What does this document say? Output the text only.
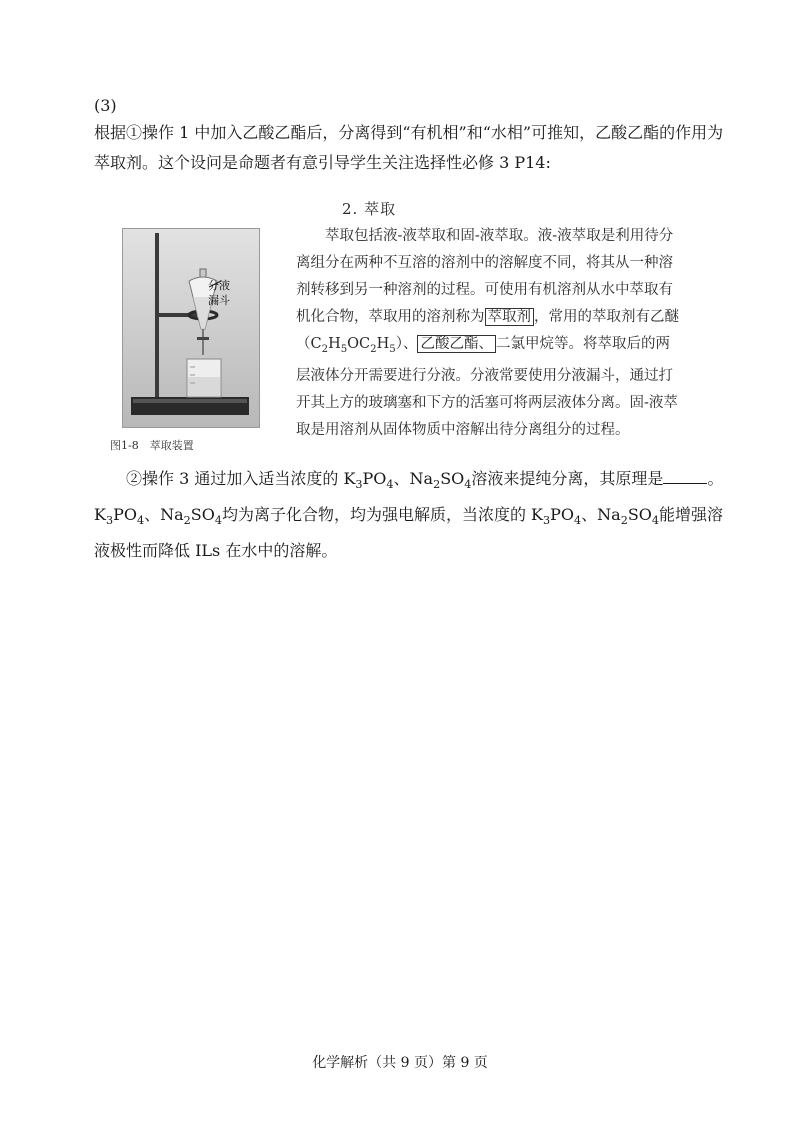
(3)
根据①操作 1 中加入乙酸乙酯后，分离得到“有机相”和“水相”可推知，乙酸乙酯的作用为萃取剂。这个设问是命题者有意引导学生关注选择性必修 3 P14:
分液
漏斗
图1-8　萃取装置
2. 萃取

萃取包括液-液萃取和固-液萃取。液-液萃取是利用待分离组分在两种不互溶的溶剂中的溶解度不同，将其从一种溶剂转移到另一种溶剂的过程。可使用有机溶剂从水中萃取有机化合物，萃取用的溶剂称为 萃取剂 ，常用的萃取剂有乙醚$(C_2H_5OC_2H_5)$、 乙酸乙酯、 二氯甲烷等。将萃取后的两层液体分开需要进行分液。分液常要使用分液漏斗，通过打开其上方的玻璃塞和下方的活塞可将两层液体分离。固-液萃取是用溶剂从固体物质中溶解出待分离组分的过程。

②操作 3 通过加入适当浓度的 $K_3PO_4$、$Na_2SO_4$溶液来提纯分离，其原理是	。$K_3PO_4$、$Na_2SO_4$均为离子化合物，均为强电解质，当浓度的 $K_3PO_4$、$Na_2SO_4$能增强溶液极性而降低 ILs 在水中的溶解。
化学解析（共 9 页）第 9 页
